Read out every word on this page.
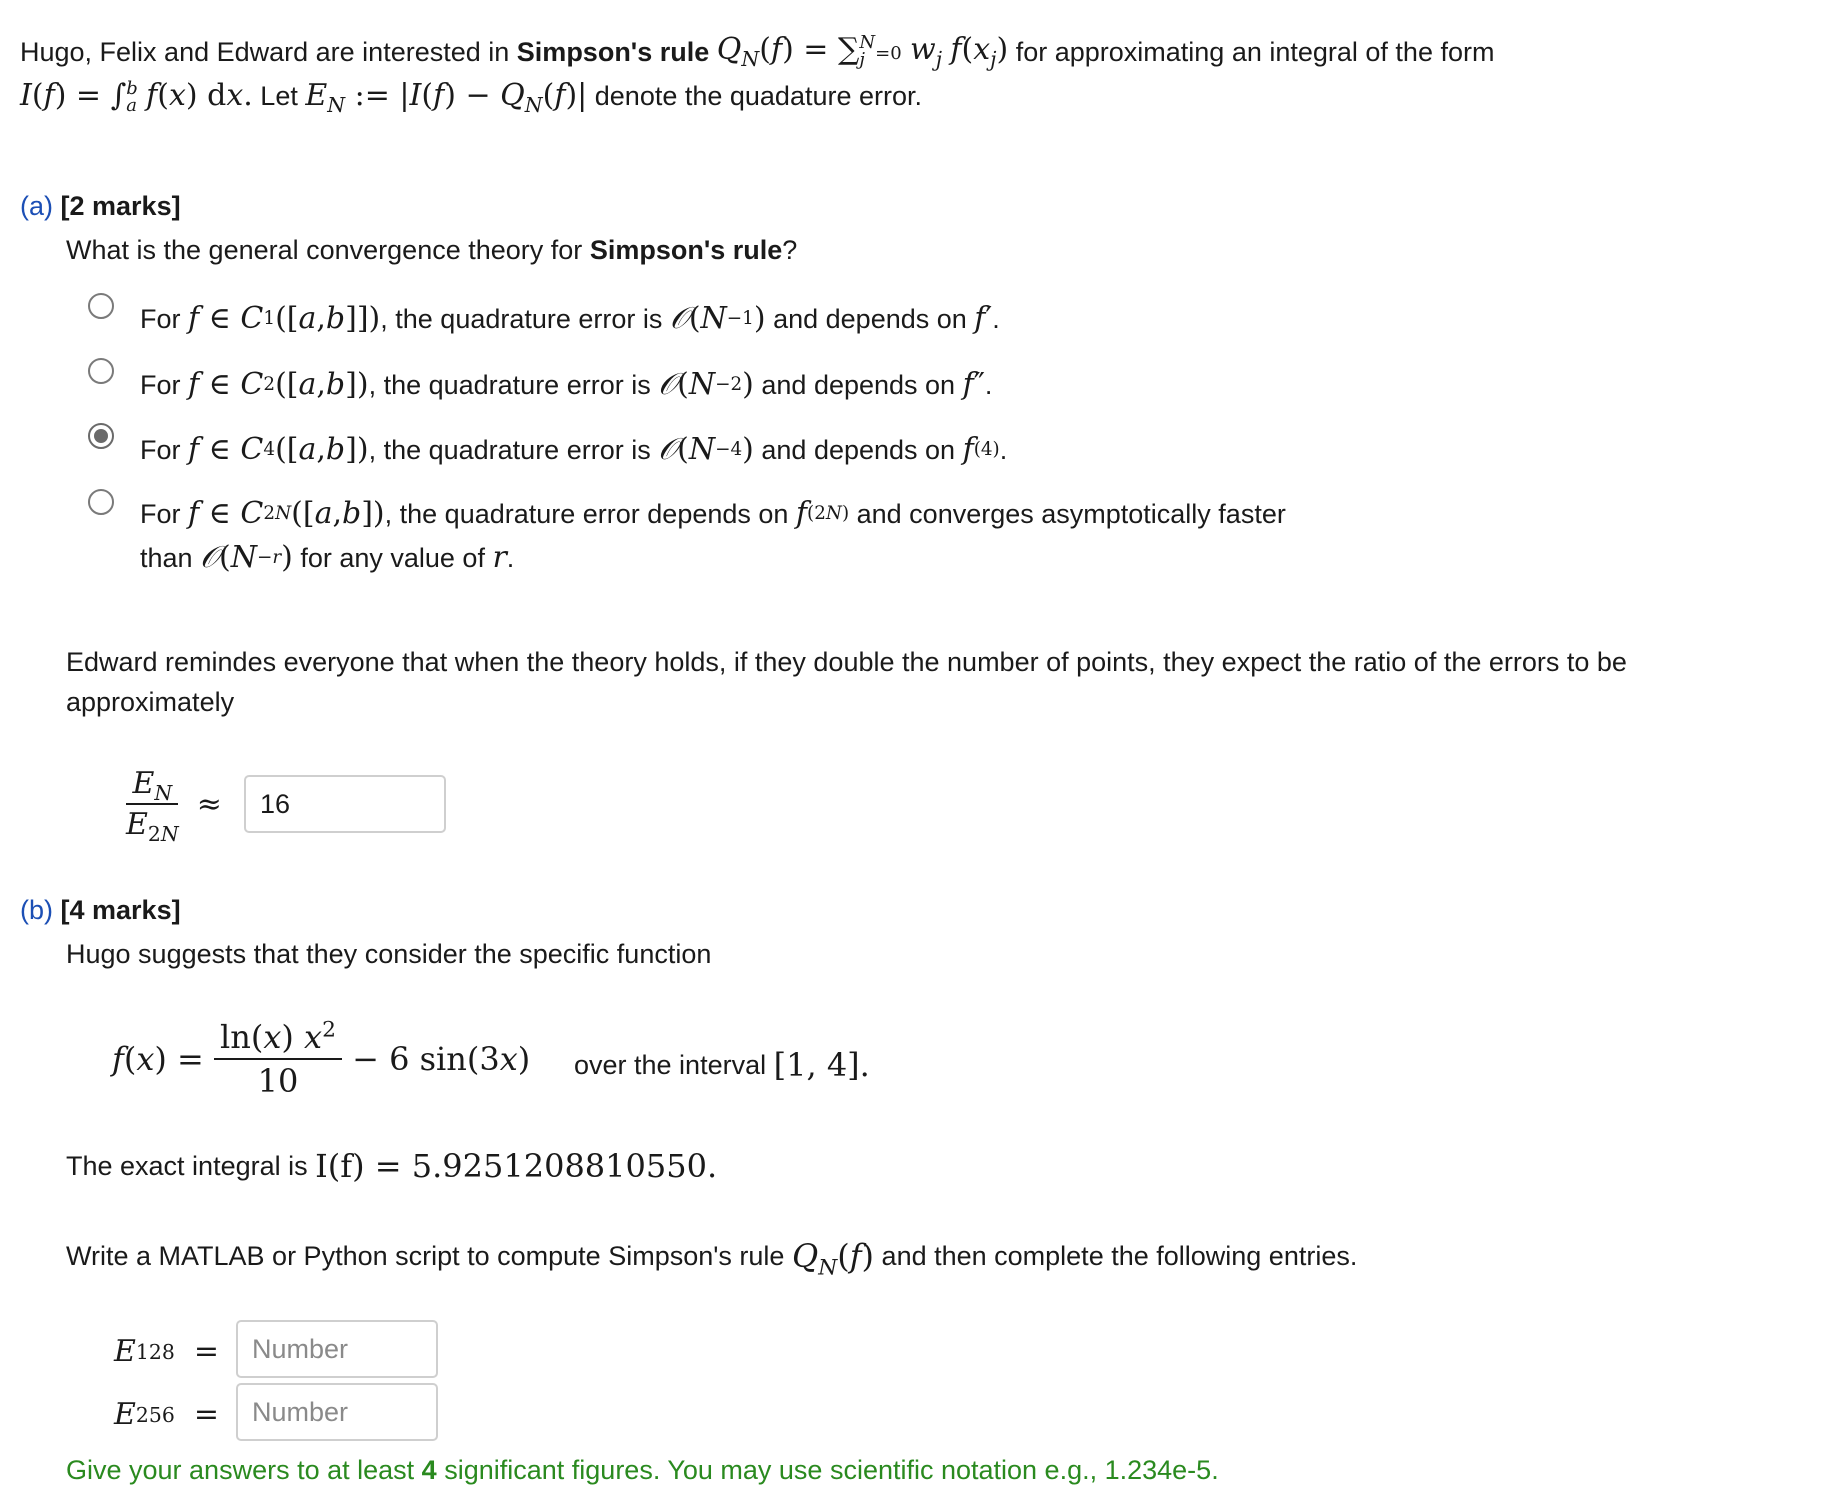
Hugo, Felix and Edward are interested in
Simpson's rule
$Q_N(f)$ = ∑ N
j =0 $w_j$ $f(x_j)$
for approximating an integral of the form
I(f) = ∫ b
a f(x) dx.
Let
$E_N$ := $|I(f) - Q_N(f)|$
denote the quadature error.
(a) [2 marks]
What is the general convergence theory for Simpson's rule?
For f ∈ C 1 ([ a , b ]]) , the quadrature error is 𝒪 ( N −1 ) and depends on f ′ .
For f ∈ C 2 ([ a , b ]) , the quadrature error is 𝒪 ( N −2 ) and depends on f ″ .
For f ∈ C 4 ([ a , b ]) , the quadrature error is 𝒪 ( N −4 ) and depends on f (4) .
For f ∈ C 2N ([ a , b ]) , the quadrature error depends on f (2N) and converges asymptotically faster
than 𝒪 ( N −r ) for any value of r .
F
Edward remindes everyone that when the theory holds, if they double the number of points, they expect the ratio of the errors to be approximately
$\frac{E_N}{E_{2N}}$ ≈
16
(b) [4 marks]
Hugo suggests that they consider the specific function
f ( x ) = $\frac{\ln(x) x^2}{10} - 6$ sin(3 x ) over the interval
[1, 4].
The exact integral is
I(f) = 5.9251208810550.
Write a MATLAB or Python script to compute Simpson's rule
$Q_N(f)$
and then complete the following entries.
E 128 =
Number
E 256 =
Number
Give your answers to at least 4 significant figures. You may use scientific notation e.g., 1.234e-5.
